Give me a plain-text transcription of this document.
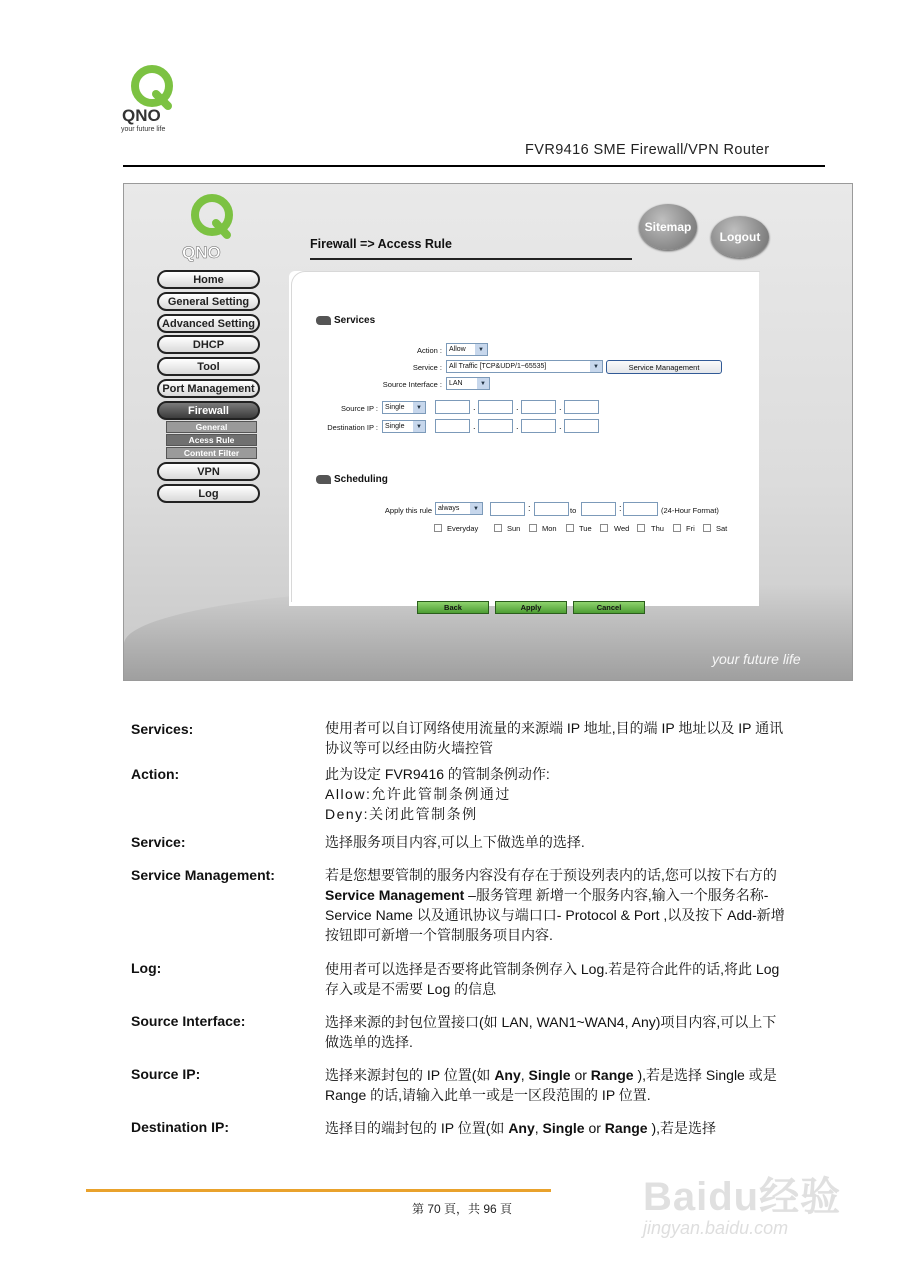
QNO
your future life
FVR9416 SME Firewall/VPN Router
QNO	Firewall => Access Rule
Sitemap
Logout
Home
General Setting
Advanced Setting
DHCP
Tool
Port Management
Firewall
General
Acess Rule
Content Filter
VPN
Log
Services
Action : Allow	▼
Service : All Traffic [TCP&UDP/1~65535]	▼	Service Management
Source Interface : LAN	▼
Source IP : Single	▼	.	.	.
Destination IP : Single	▼	.	.	.
Scheduling
Apply this rule always	▼	:	to	:	(24-Hour Format)
Everyday	Sun	Mon	Tue	Wed	Thu	Fri	Sat
Back	Apply	Cancel
your future life
Services:	使用者可以自订网络使用流量的来源端 IP 地址,目的端 IP 地址以及 IP 通讯协议等可以经由防火墙控管
Action:	此为设定 FVR9416 的管制条例动作:
Allow:允许此管制条例通过
Deny:关闭此管制条例
Service:	选择服务项目内容,可以上下做选单的选择.
Service Management:	若是您想要管制的服务内容没有存在于预设列表内的话,您可以按下右方的 Service Management –服务管理 新增一个服务内容,输入一个服务名称-Service Name 以及通讯协议与端口口- Protocol & Port ,以及按下 Add-新增按钮即可新增一个管制服务项目内容.
Log:	使用者可以选择是否要将此管制条例存入 Log.若是符合此件的话,将此 Log 存入或是不需要 Log 的信息
Source Interface:	选择来源的封包位置接口(如 LAN, WAN1~WAN4, Any)项目内容,可以上下做选单的选择.
Source IP:	选择来源封包的 IP 位置(如 Any, Single or Range ),若是选择 Single 或是 Range 的话,请输入此单一或是一区段范围的 IP 位置.
Destination IP:	选择目的端封包的 IP 位置(如 Any, Single or Range ),若是选择
第 70 頁，共 96 頁	Baidu经验
jingyan.baidu.com
